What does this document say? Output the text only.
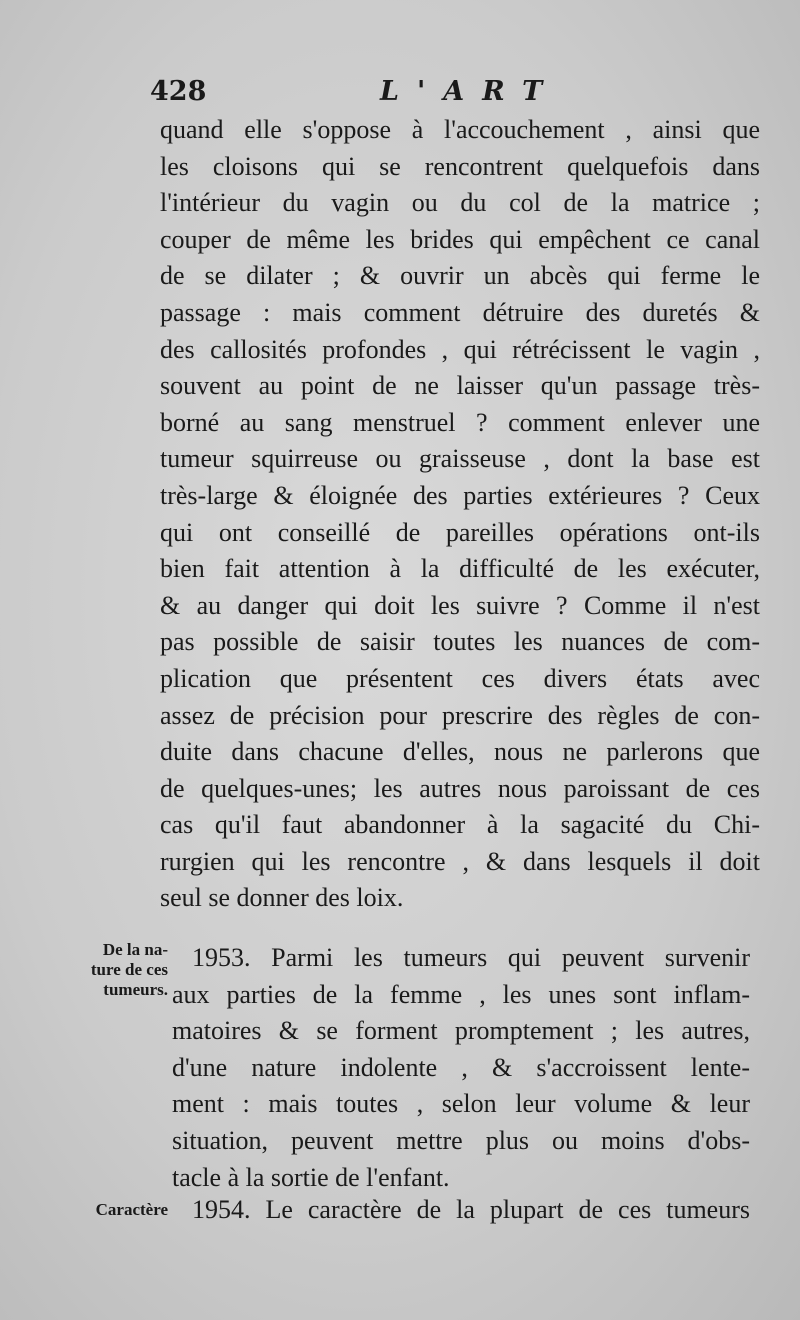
428	L'ART
quand elle s'oppose à l'accouchement , ainsi que
les cloisons qui se rencontrent quelquefois dans
l'intérieur du vagin ou du col de la matrice ;
couper de même les brides qui empêchent ce canal
de se dilater ; & ouvrir un abcès qui ferme le
passage : mais comment détruire des duretés &
des callosités profondes , qui rétrécissent le vagin ,
souvent au point de ne laisser qu'un passage très-
borné au sang menstruel ? comment enlever une
tumeur squirreuse ou graisseuse , dont la base est
très-large & éloignée des parties extérieures ? Ceux
qui ont conseillé de pareilles opérations ont-ils
bien fait attention à la difficulté de les exécuter,
& au danger qui doit les suivre ? Comme il n'est
pas possible de saisir toutes les nuances de com-
plication que présentent ces divers états avec
assez de précision pour prescrire des règles de con-
duite dans chacune d'elles, nous ne parlerons que
de quelques-unes; les autres nous paroissant de ces
cas qu'il faut abandonner à la sagacité du Chi-
rurgien qui les rencontre , & dans lesquels il doit
seul se donner des loix.
De la na-
ture de ces
tumeurs.
1953. Parmi les tumeurs qui peuvent survenir
aux parties de la femme , les unes sont inflam-
matoires & se forment promptement ; les autres,
d'une nature indolente , & s'accroissent lente-
ment : mais toutes , selon leur volume & leur
situation, peuvent mettre plus ou moins d'obs-
tacle à la sortie de l'enfant.
Caractère 1954. Le caractère de la plupart de ces tumeurs
